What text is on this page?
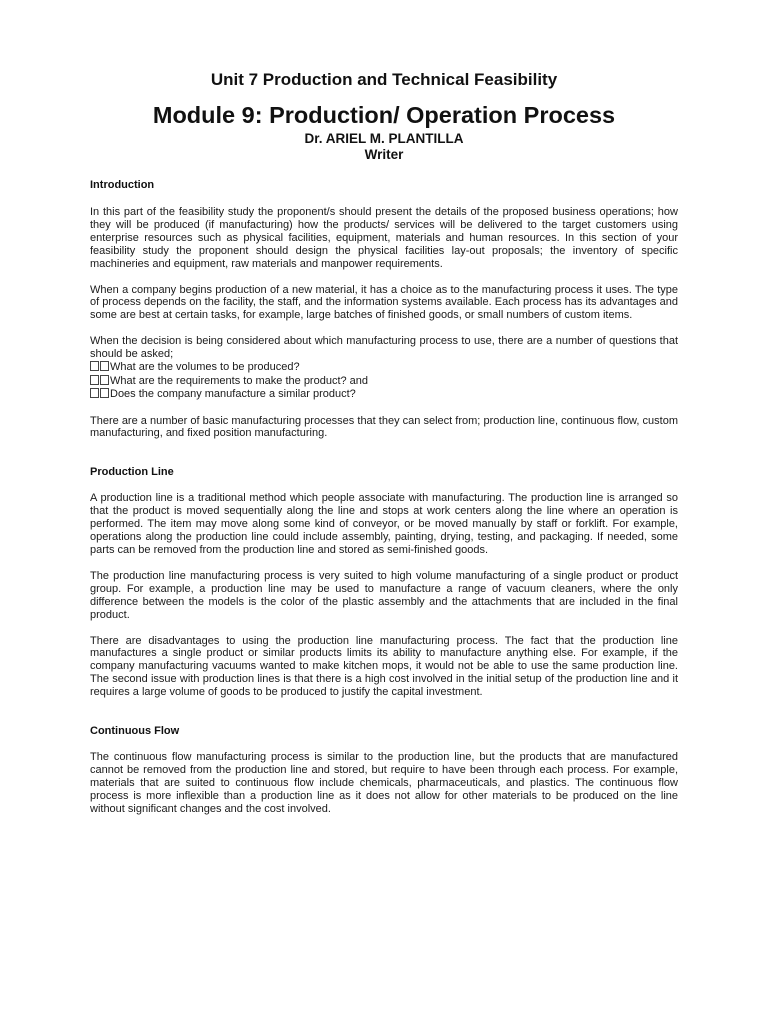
Unit 7 Production and Technical Feasibility
Module 9: Production/ Operation Process
Dr. ARIEL M. PLANTILLA
Writer

Introduction

In this part of the feasibility study the proponent/s should present the details of the proposed business operations; how they will be produced (if manufacturing) how the products/ services will be delivered to the target customers using enterprise resources such as physical facilities, equipment, materials and human resources. In this section of your feasibility study the proponent should design the physical facilities lay-out proposals; the inventory of specific machineries and equipment, raw materials and manpower requirements.

When a company begins production of a new material, it has a choice as to the manufacturing process it uses. The type of process depends on the facility, the staff, and the information systems available. Each process has its advantages and some are best at certain tasks, for example, large batches of finished goods, or small numbers of custom items.

When the decision is being considered about which manufacturing process to use, there are a number of questions that should be asked;

What are the volumes to be produced?

What are the requirements to make the product? and

Does the company manufacture a similar product?

There are a number of basic manufacturing processes that they can select from; production line, continuous flow, custom manufacturing, and fixed position manufacturing.

Production Line

A production line is a traditional method which people associate with manufacturing. The production line is arranged so that the product is moved sequentially along the line and stops at work centers along the line where an operation is performed. The item may move along some kind of conveyor, or be moved manually by staff or forklift. For example, operations along the production line could include assembly, painting, drying, testing, and packaging. If needed, some parts can be removed from the production line and stored as semi-finished goods.

The production line manufacturing process is very suited to high volume manufacturing of a single product or product group. For example, a production line may be used to manufacture a range of vacuum cleaners, where the only difference between the models is the color of the plastic assembly and the attachments that are included in the final product.

There are disadvantages to using the production line manufacturing process. The fact that the production line manufactures a single product or similar products limits its ability to manufacture anything else. For example, if the company manufacturing vacuums wanted to make kitchen mops, it would not be able to use the same production line. The second issue with production lines is that there is a high cost involved in the initial setup of the production line and it requires a large volume of goods to be produced to justify the capital investment.

Continuous Flow

The continuous flow manufacturing process is similar to the production line, but the products that are manufactured cannot be removed from the production line and stored, but require to have been through each process. For example, materials that are suited to continuous flow include chemicals, pharmaceuticals, and plastics. The continuous flow process is more inflexible than a production line as it does not allow for other materials to be produced on the line without significant changes and the cost involved.
